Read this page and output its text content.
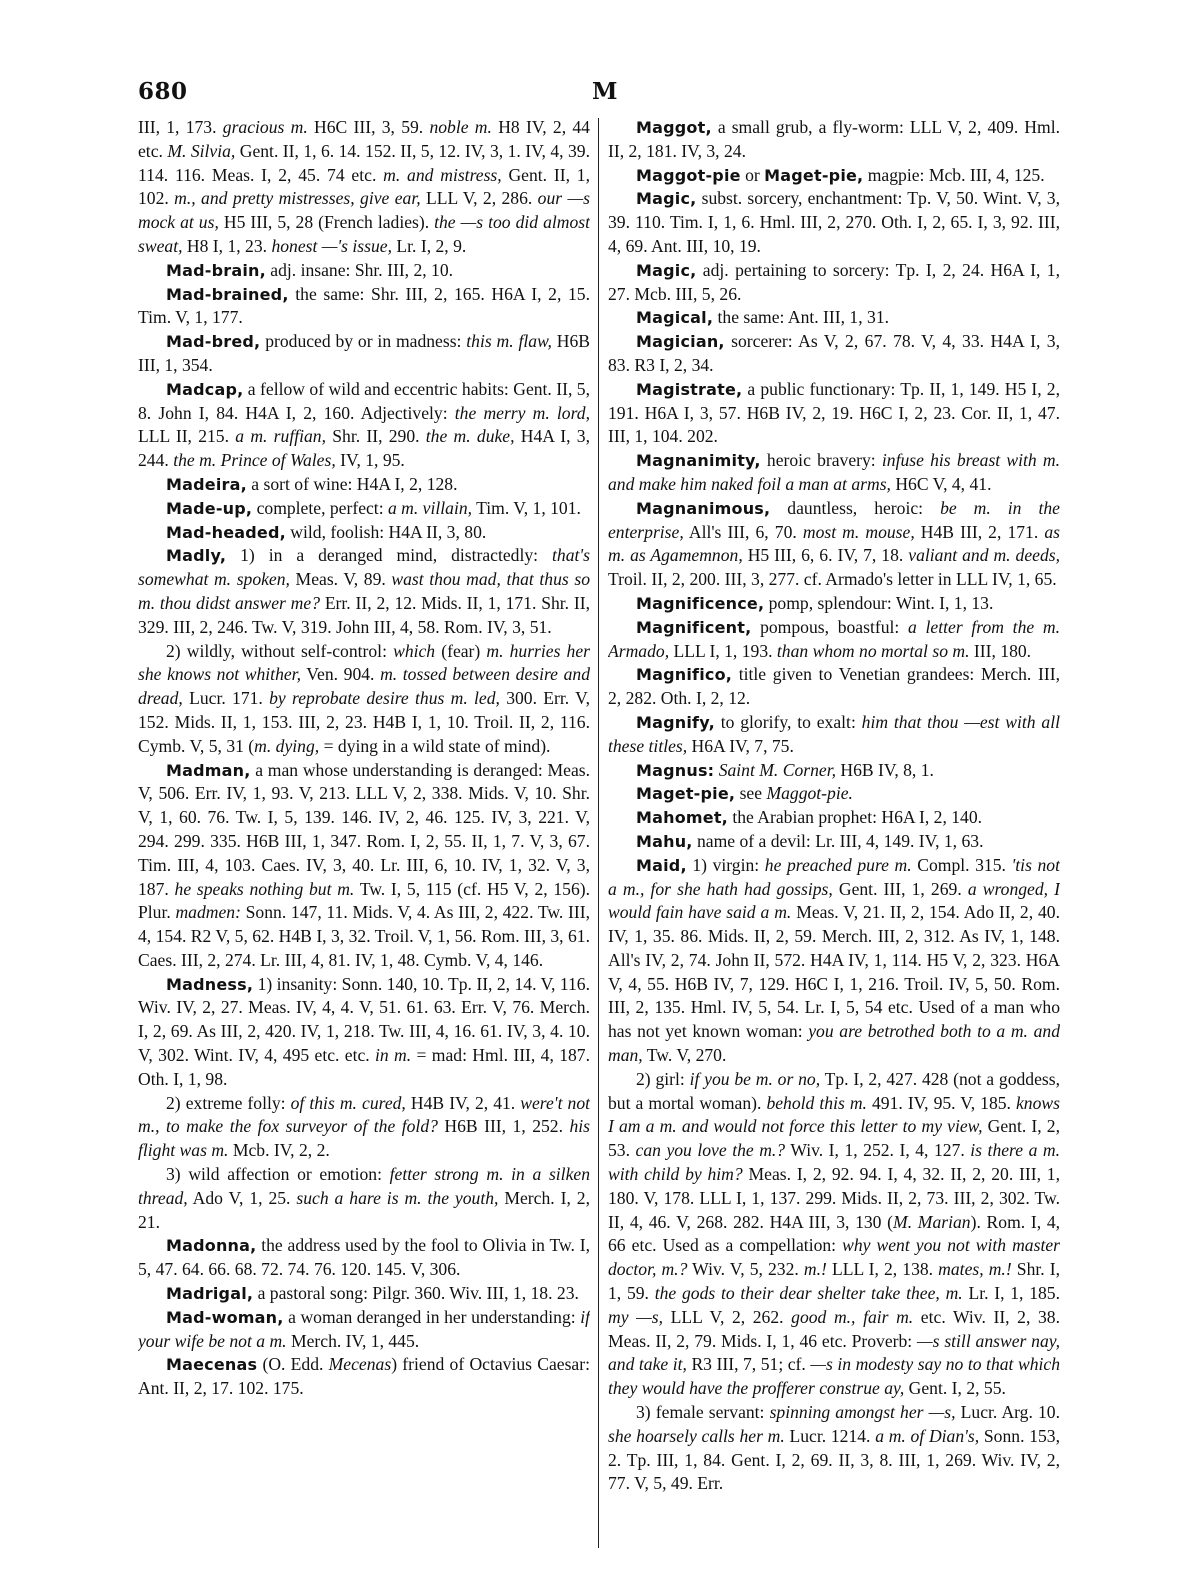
680	M

III, 1, 173. gracious m. H6C III, 3, 59. noble m. H8 IV, 2, 44 etc. M. Silvia, Gent. II, 1, 6. 14. 152. II, 5, 12. IV, 3, 1. IV, 4, 39. 114. 116. Meas. I, 2, 45. 74 etc. m. and mistress, Gent. II, 1, 102. m., and pretty mistresses, give ear, LLL V, 2, 286. our —s mock at us, H5 III, 5, 28 (French ladies). the —s too did almost sweat, H8 I, 1, 23. honest —'s issue, Lr. I, 2, 9.

Mad-brain, adj. insane: Shr. III, 2, 10.

Mad-brained, the same: Shr. III, 2, 165. H6A I, 2, 15. Tim. V, 1, 177.

Mad-bred, produced by or in madness: this m. flaw, H6B III, 1, 354.

Madcap, a fellow of wild and eccentric habits: Gent. II, 5, 8. John I, 84. H4A I, 2, 160. Adjectively: the merry m. lord, LLL II, 215. a m. ruffian, Shr. II, 290. the m. duke, H4A I, 3, 244. the m. Prince of Wales, IV, 1, 95.

Madeira, a sort of wine: H4A I, 2, 128.

Made-up, complete, perfect: a m. villain, Tim. V, 1, 101.

Mad-headed, wild, foolish: H4A II, 3, 80.

Madly, 1) in a deranged mind, distractedly: that's somewhat m. spoken, Meas. V, 89. wast thou mad, that thus so m. thou didst answer me? Err. II, 2, 12. Mids. II, 1, 171. Shr. II, 329. III, 2, 246. Tw. V, 319. John III, 4, 58. Rom. IV, 3, 51.

2) wildly, without self-control: which (fear) m. hurries her she knows not whither, Ven. 904. m. tossed between desire and dread, Lucr. 171. by reprobate desire thus m. led, 300. Err. V, 152. Mids. II, 1, 153. III, 2, 23. H4B I, 1, 10. Troil. II, 2, 116. Cymb. V, 5, 31 (m. dying, = dying in a wild state of mind).

Madman, a man whose understanding is deranged: Meas. V, 506. Err. IV, 1, 93. V, 213. LLL V, 2, 338. Mids. V, 10. Shr. V, 1, 60. 76. Tw. I, 5, 139. 146. IV, 2, 46. 125. IV, 3, 221. V, 294. 299. 335. H6B III, 1, 347. Rom. I, 2, 55. II, 1, 7. V, 3, 67. Tim. III, 4, 103. Caes. IV, 3, 40. Lr. III, 6, 10. IV, 1, 32. V, 3, 187. he speaks nothing but m. Tw. I, 5, 115 (cf. H5 V, 2, 156). Plur. madmen: Sonn. 147, 11. Mids. V, 4. As III, 2, 422. Tw. III, 4, 154. R2 V, 5, 62. H4B I, 3, 32. Troil. V, 1, 56. Rom. III, 3, 61. Caes. III, 2, 274. Lr. III, 4, 81. IV, 1, 48. Cymb. V, 4, 146.

Madness, 1) insanity: Sonn. 140, 10. Tp. II, 2, 14. V, 116. Wiv. IV, 2, 27. Meas. IV, 4, 4. V, 51. 61. 63. Err. V, 76. Merch. I, 2, 69. As III, 2, 420. IV, 1, 218. Tw. III, 4, 16. 61. IV, 3, 4. 10. V, 302. Wint. IV, 4, 495 etc. etc. in m. = mad: Hml. III, 4, 187. Oth. I, 1, 98.

2) extreme folly: of this m. cured, H4B IV, 2, 41. were't not m., to make the fox surveyor of the fold? H6B III, 1, 252. his flight was m. Mcb. IV, 2, 2.

3) wild affection or emotion: fetter strong m. in a silken thread, Ado V, 1, 25. such a hare is m. the youth, Merch. I, 2, 21.

Madonna, the address used by the fool to Olivia in Tw. I, 5, 47. 64. 66. 68. 72. 74. 76. 120. 145. V, 306.

Madrigal, a pastoral song: Pilgr. 360. Wiv. III, 1, 18. 23.

Mad-woman, a woman deranged in her understanding: if your wife be not a m. Merch. IV, 1, 445.

Maecenas (O. Edd. Mecenas) friend of Octavius Caesar: Ant. II, 2, 17. 102. 175.

Maggot, a small grub, a fly-worm: LLL V, 2, 409. Hml. II, 2, 181. IV, 3, 24.

Maggot-pie or Maget-pie, magpie: Mcb. III, 4, 125.

Magic, subst. sorcery, enchantment: Tp. V, 50. Wint. V, 3, 39. 110. Tim. I, 1, 6. Hml. III, 2, 270. Oth. I, 2, 65. I, 3, 92. III, 4, 69. Ant. III, 10, 19.

Magic, adj. pertaining to sorcery: Tp. I, 2, 24. H6A I, 1, 27. Mcb. III, 5, 26.

Magical, the same: Ant. III, 1, 31.

Magician, sorcerer: As V, 2, 67. 78. V, 4, 33. H4A I, 3, 83. R3 I, 2, 34.

Magistrate, a public functionary: Tp. II, 1, 149. H5 I, 2, 191. H6A I, 3, 57. H6B IV, 2, 19. H6C I, 2, 23. Cor. II, 1, 47. III, 1, 104. 202.

Magnanimity, heroic bravery: infuse his breast with m. and make him naked foil a man at arms, H6C V, 4, 41.

Magnanimous, dauntless, heroic: be m. in the enterprise, All's III, 6, 70. most m. mouse, H4B III, 2, 171. as m. as Agamemnon, H5 III, 6, 6. IV, 7, 18. valiant and m. deeds, Troil. II, 2, 200. III, 3, 277. cf. Armado's letter in LLL IV, 1, 65.

Magnificence, pomp, splendour: Wint. I, 1, 13.

Magnificent, pompous, boastful: a letter from the m. Armado, LLL I, 1, 193. than whom no mortal so m. III, 180.

Magnifico, title given to Venetian grandees: Merch. III, 2, 282. Oth. I, 2, 12.

Magnify, to glorify, to exalt: him that thou —est with all these titles, H6A IV, 7, 75.

Magnus: Saint M. Corner, H6B IV, 8, 1.

Maget-pie, see Maggot-pie.

Mahomet, the Arabian prophet: H6A I, 2, 140.

Mahu, name of a devil: Lr. III, 4, 149. IV, 1, 63.

Maid, 1) virgin: he preached pure m. Compl. 315. 'tis not a m., for she hath had gossips, Gent. III, 1, 269. a wronged, I would fain have said a m. Meas. V, 21. II, 2, 154. Ado II, 2, 40. IV, 1, 35. 86. Mids. II, 2, 59. Merch. III, 2, 312. As IV, 1, 148. All's IV, 2, 74. John II, 572. H4A IV, 1, 114. H5 V, 2, 323. H6A V, 4, 55. H6B IV, 7, 129. H6C I, 1, 216. Troil. IV, 5, 50. Rom. III, 2, 135. Hml. IV, 5, 54. Lr. I, 5, 54 etc. Used of a man who has not yet known woman: you are betrothed both to a m. and man, Tw. V, 270.

2) girl: if you be m. or no, Tp. I, 2, 427. 428 (not a goddess, but a mortal woman). behold this m. 491. IV, 95. V, 185. knows I am a m. and would not force this letter to my view, Gent. I, 2, 53. can you love the m.? Wiv. I, 1, 252. I, 4, 127. is there a m. with child by him? Meas. I, 2, 92. 94. I, 4, 32. II, 2, 20. III, 1, 180. V, 178. LLL I, 1, 137. 299. Mids. II, 2, 73. III, 2, 302. Tw. II, 4, 46. V, 268. 282. H4A III, 3, 130 (M. Marian). Rom. I, 4, 66 etc. Used as a compellation: why went you not with master doctor, m.? Wiv. V, 5, 232. m.! LLL I, 2, 138. mates, m.! Shr. I, 1, 59. the gods to their dear shelter take thee, m. Lr. I, 1, 185. my —s, LLL V, 2, 262. good m., fair m. etc. Wiv. II, 2, 38. Meas. II, 2, 79. Mids. I, 1, 46 etc. Proverb: —s still answer nay, and take it, R3 III, 7, 51; cf. —s in modesty say no to that which they would have the profferer construe ay, Gent. I, 2, 55.

3) female servant: spinning amongst her —s, Lucr. Arg. 10. she hoarsely calls her m. Lucr. 1214. a m. of Dian's, Sonn. 153, 2. Tp. III, 1, 84. Gent. I, 2, 69. II, 3, 8. III, 1, 269. Wiv. IV, 2, 77. V, 5, 49. Err.
